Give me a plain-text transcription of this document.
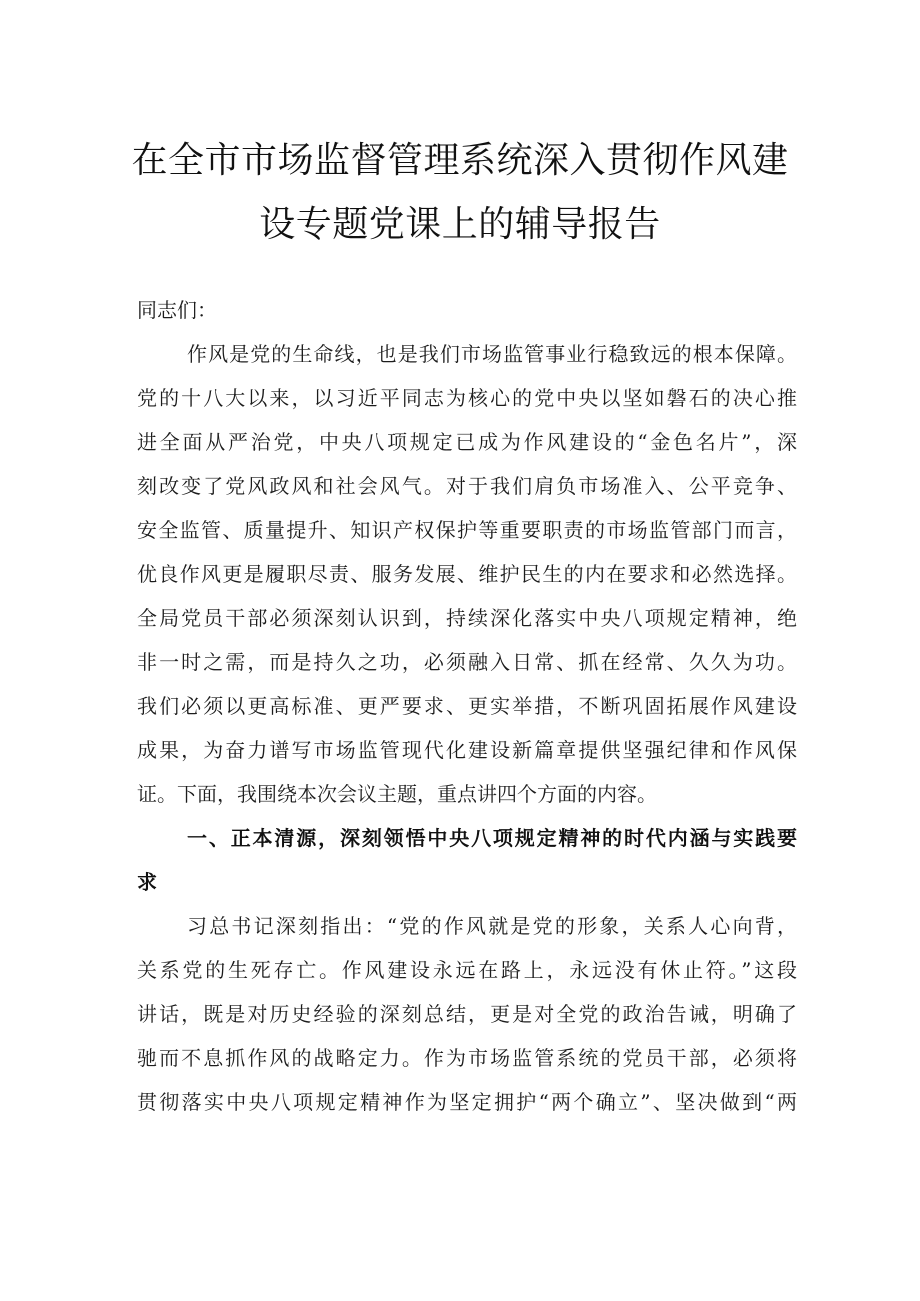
在全市市场监督管理系统深入贯彻作风建
设专题党课上的辅导报告
同志们：
作风是党的生命线，也是我们市场监管事业行稳致远的根本保障。
党的十八大以来，以习近平同志为核心的党中央以坚如磐石的决心推
进全面从严治党，中央八项规定已成为作风建设的“金色名片”，深
刻改变了党风政风和社会风气。对于我们肩负市场准入、公平竞争、
安全监管、质量提升、知识产权保护等重要职责的市场监管部门而言，
优良作风更是履职尽责、服务发展、维护民生的内在要求和必然选择。
全局党员干部必须深刻认识到，持续深化落实中央八项规定精神，绝
非一时之需，而是持久之功，必须融入日常、抓在经常、久久为功。
我们必须以更高标准、更严要求、更实举措，不断巩固拓展作风建设
成果，为奋力谱写市场监管现代化建设新篇章提供坚强纪律和作风保
证。下面，我围绕本次会议主题，重点讲四个方面的内容。
一、正本清源，深刻领悟中央八项规定精神的时代内涵与实践要
求
习总书记深刻指出：“党的作风就是党的形象，关系人心向背，
关系党的生死存亡。作风建设永远在路上，永远没有休止符。”这段
讲话，既是对历史经验的深刻总结，更是对全党的政治告诫，明确了
驰而不息抓作风的战略定力。作为市场监管系统的党员干部，必须将
贯彻落实中央八项规定精神作为坚定拥护“两个确立”、坚决做到“两
